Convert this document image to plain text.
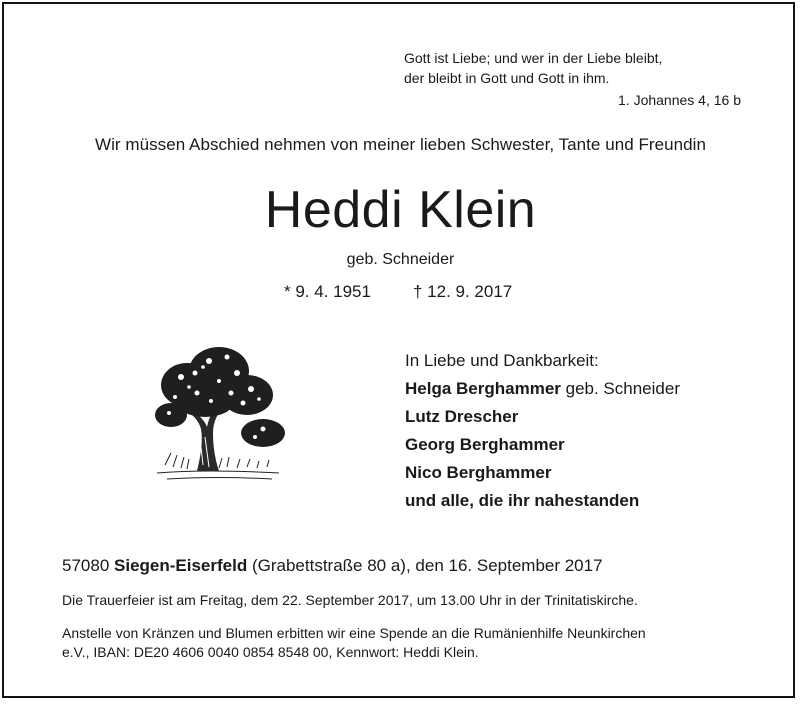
Gott ist Liebe; und wer in der Liebe bleibt,
der bleibt in Gott und Gott in ihm.
1. Johannes 4, 16 b
Wir müssen Abschied nehmen von meiner lieben Schwester, Tante und Freundin
Heddi Klein
geb. Schneider
* 9. 4. 1951 † 12. 9. 2017
In Liebe und Dankbarkeit:
Helga Berghammer geb. Schneider
Lutz Drescher
Georg Berghammer
Nico Berghammer
und alle, die ihr nahestanden
57080 Siegen-Eiserfeld (Grabettstraße 80 a), den 16. September 2017
Die Trauerfeier ist am Freitag, dem 22. September 2017, um 13.00 Uhr in der Trinitatiskirche.
Anstelle von Kränzen und Blumen erbitten wir eine Spende an die Rumänienhilfe Neunkirchen
e.V., IBAN: DE20 4606 0040 0854 8548 00, Kennwort: Heddi Klein.
